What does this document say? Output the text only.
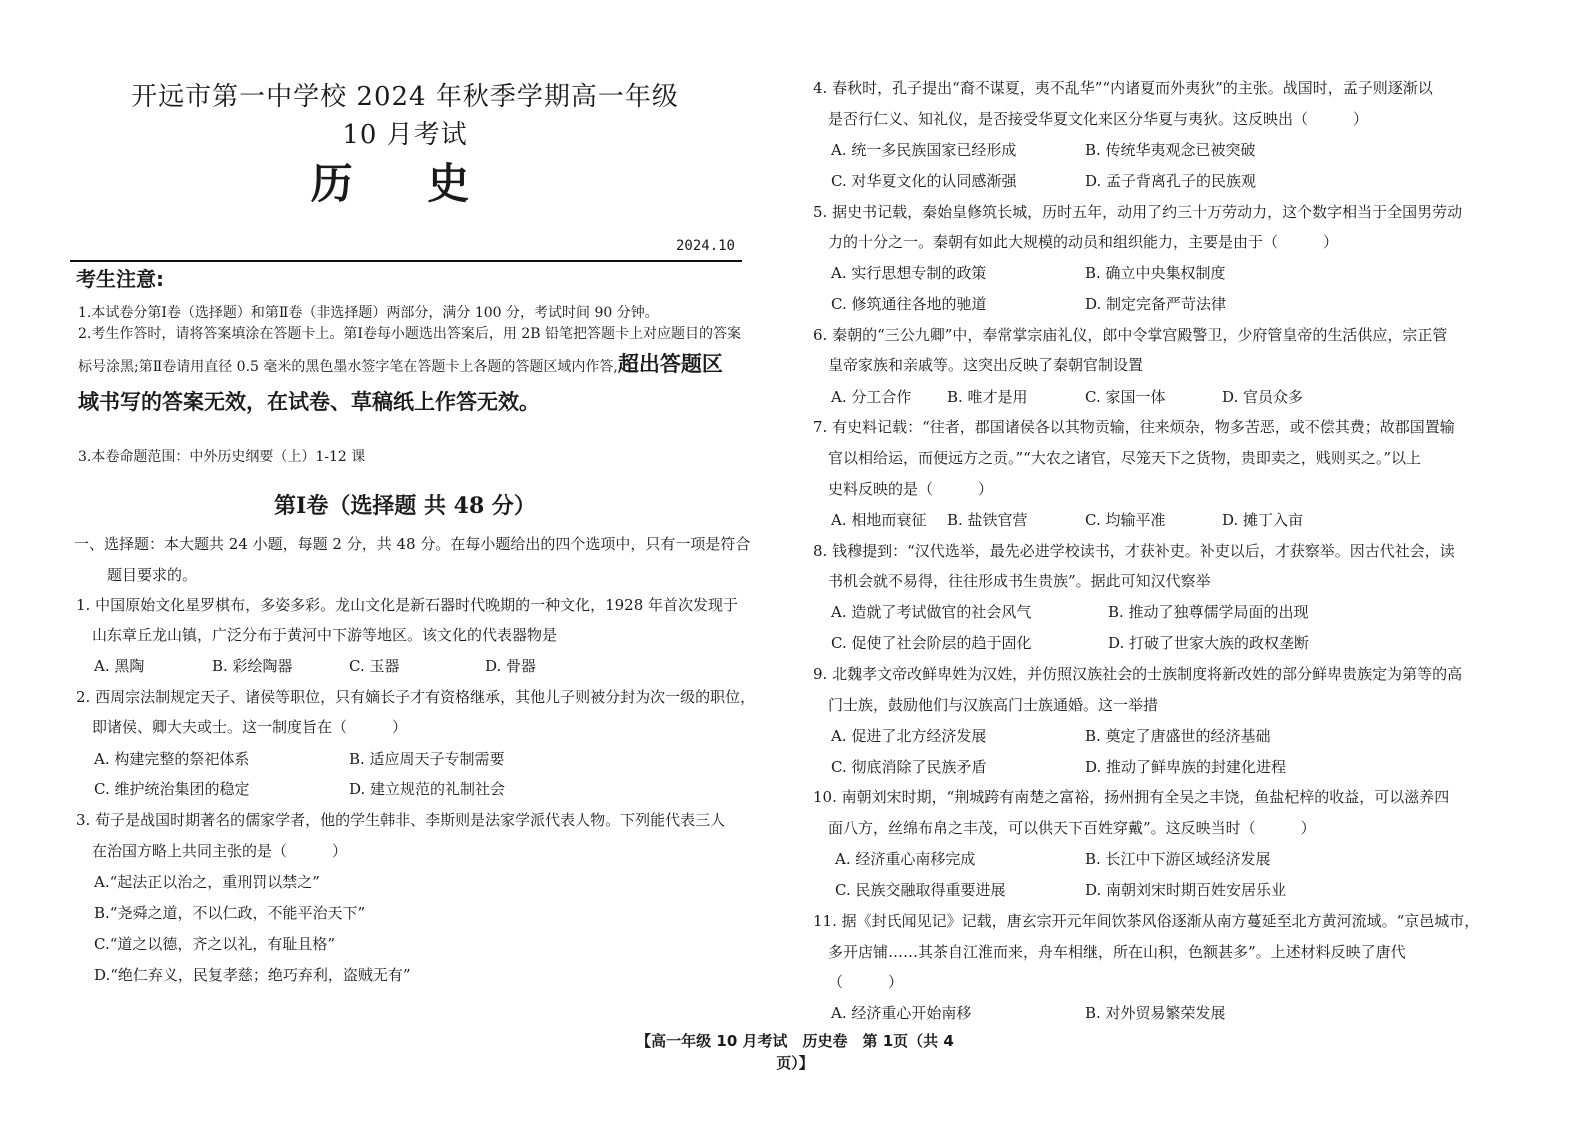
开远市第一中学校 2024 年秋季学期高一年级
10 月考试
历 史
2024.10
考生注意:
1.本试卷分第Ⅰ卷（选择题）和第Ⅱ卷（非选择题）两部分，满分 100 分，考试时间 90 分钟。
2.考生作答时，请将答案填涂在答题卡上。第Ⅰ卷每小题选出答案后，用 2B 铅笔把答题卡上对应题目的答案标号涂黑;第Ⅱ卷请用直径 0.5 毫米的黑色墨水签字笔在答题卡上各题的答题区域内作答,超出答题区域书写的答案无效，在试卷、草稿纸上作答无效。
3.本卷命题范围：中外历史纲要（上）1-12 课
第Ⅰ卷（选择题 共 48 分）
一、选择题：本大题共 24 小题，每题 2 分，共 48 分。在每小题给出的四个选项中，只有一项是符合
题目要求的。
1. 中国原始文化星罗棋布，多姿多彩。龙山文化是新石器时代晚期的一种文化，1928 年首次发现于
山东章丘龙山镇，广泛分布于黄河中下游等地区。该文化的代表器物是
A. 黑陶	B. 彩绘陶器	C. 玉器	D. 骨器
2. 西周宗法制规定天子、诸侯等职位，只有嫡长子才有资格继承，其他儿子则被分封为次一级的职位，
即诸侯、卿大夫或士。这一制度旨在（　　　）
A. 构建完整的祭祀体系	B. 适应周天子专制需要
C. 维护统治集团的稳定	D. 建立规范的礼制社会
3. 荀子是战国时期著名的儒家学者，他的学生韩非、李斯则是法家学派代表人物。下列能代表三人
在治国方略上共同主张的是（　　　）
A.“起法正以治之，重刑罚以禁之”
B.“尧舜之道，不以仁政，不能平治天下”
C.“道之以德，齐之以礼，有耻且格”
D.“绝仁弃义，民复孝慈；绝巧弃利，盗贼无有”
4. 春秋时，孔子提出“裔不谋夏，夷不乱华”“内诸夏而外夷狄”的主张。战国时，孟子则逐渐以
是否行仁义、知礼仪，是否接受华夏文化来区分华夏与夷狄。这反映出（　　　）
A. 统一多民族国家已经形成	B. 传统华夷观念已被突破
C. 对华夏文化的认同感渐强	D. 孟子背离孔子的民族观
5. 据史书记载，秦始皇修筑长城，历时五年，动用了约三十万劳动力，这个数字相当于全国男劳动
力的十分之一。秦朝有如此大规模的动员和组织能力，主要是由于（　　　）
A. 实行思想专制的政策	B. 确立中央集权制度
C. 修筑通往各地的驰道	D. 制定完备严苛法律
6. 秦朝的“三公九卿”中，奉常掌宗庙礼仪，郎中令掌宫殿警卫，少府管皇帝的生活供应，宗正管
皇帝家族和亲戚等。这突出反映了秦朝官制设置
A. 分工合作 B. 唯才是用	C. 家国一体	D. 官员众多
7. 有史料记载：“往者，郡国诸侯各以其物贡输，往来烦杂，物多苦恶，或不偿其费；故郡国置输
官以相给运，而便远方之贡。”“大农之诸官，尽笼天下之货物，贵即卖之，贱则买之。”以上
史料反映的是（　　　）
A. 相地而衰征 B. 盐铁官营	C. 均输平准	D. 摊丁入亩
8. 钱穆提到：“汉代选举，最先必进学校读书，才获补吏。补吏以后，才获察举。因古代社会，读
书机会就不易得，往往形成书生贵族”。据此可知汉代察举
A. 造就了考试做官的社会风气	B. 推动了独尊儒学局面的出现
C. 促使了社会阶层的趋于固化	D. 打破了世家大族的政权垄断
9. 北魏孝文帝改鲜卑姓为汉姓，并仿照汉族社会的士族制度将新改姓的部分鲜卑贵族定为第等的高
门士族，鼓励他们与汉族高门士族通婚。这一举措
A. 促进了北方经济发展	B. 奠定了唐盛世的经济基础
C. 彻底消除了民族矛盾	D. 推动了鲜卑族的封建化进程
10. 南朝刘宋时期，“荆城跨有南楚之富裕，扬州拥有全吴之丰饶，鱼盐杞梓的收益，可以滋养四
面八方，丝绵布帛之丰茂，可以供天下百姓穿戴”。这反映当时（　　　）
A. 经济重心南移完成	B. 长江中下游区域经济发展
C. 民族交融取得重要进展	D. 南朝刘宋时期百姓安居乐业
11. 据《封氏闻见记》记载，唐玄宗开元年间饮茶风俗逐渐从南方蔓延至北方黄河流域。“京邑城市，
多开店铺……其茶自江淮而来，舟车相继，所在山积，色额甚多”。上述材料反映了唐代
（　　　）
A. 经济重心开始南移	B. 对外贸易繁荣发展
【高一年级 10 月考试　历史卷　第 1页（共 4
页）】
